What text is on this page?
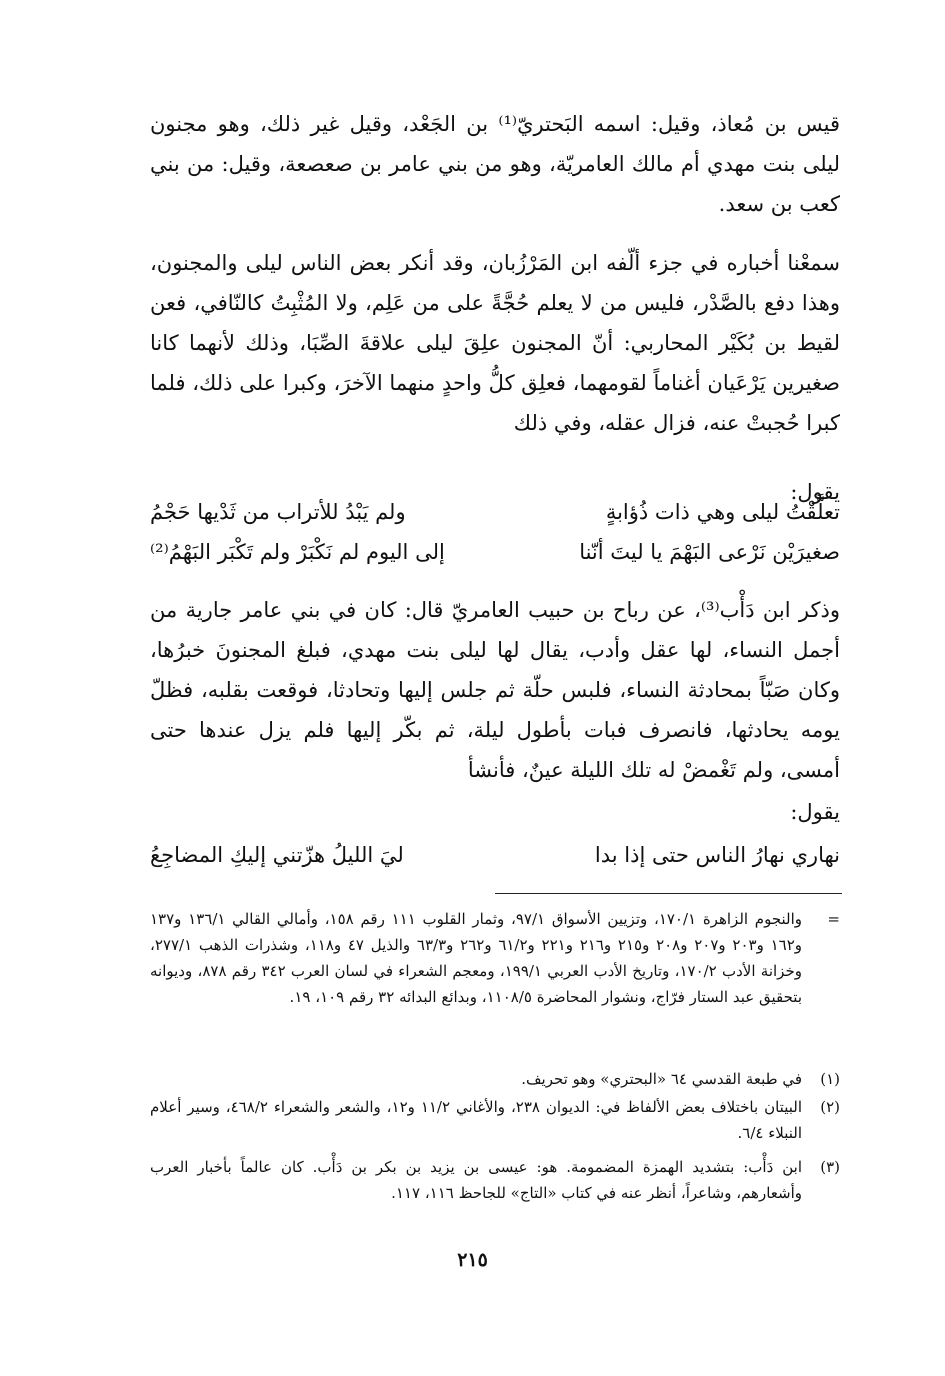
قيس بن مُعاذ، وقيل: اسمه البَحتريّ⁽¹⁾ بن الجَعْد، وقيل غير ذلك، وهو مجنون ليلى بنت مهدي أم مالك العامريّة، وهو من بني عامر بن صعصعة، وقيل: من بني كعب بن سعد.

سمعْنا أخباره في جزء ألّفه ابن المَرْزُبان، وقد أنكر بعض الناس ليلى والمجنون، وهذا دفع بالصَّدْر، فليس من لا يعلم حُجَّةً على من عَلِم، ولا المُثْبِتُ كالنّافي، فعن لقيط بن بُكَيْر المحاربي: أنّ المجنون علِقَ ليلى علاقةَ الصِّبَا، وذلك لأنهما كانا صغيرين يَرْعَيان أغناماً لقومهما، فعلِق كلُّ واحدٍ منهما الآخرَ، وكبرا على ذلك، فلما كبرا حُجبتْ عنه، فزال عقله، وفي ذلك

يقول:
تعلَّقْتُ ليلى وهي ذات ذُؤابةٍ
ولم يَبْدُ للأتراب من ثَدْيها حَجْمُ
صغيرَيْن نَرْعى البَهْمَ يا ليتَ أنّنا
إلى اليوم لم نَكْبَرْ ولم تَكْبَر البَهْمُ⁽²⁾

وذكر ابن دَأْب⁽³⁾، عن رباح بن حبيب العامريّ قال: كان في بني عامر جارية من أجمل النساء، لها عقل وأدب، يقال لها ليلى بنت مهدي، فبلغ المجنونَ خبرُها، وكان صَبّاً بمحادثة النساء، فلبس حلّة ثم جلس إليها وتحادثا، فوقعت بقلبه، فظلّ يومه يحادثها، فانصرف فبات بأطول ليلة، ثم بكّر إليها فلم يزل عندها حتى أمسى، ولم تَغْمضْ له تلك الليلة عينٌ، فأنشأ

يقول:
نهاري نهارُ الناس حتى إذا بدا
ليَ الليلُ هزّتني إليكِ المضاجِعُ
=
والنجوم الزاهرة ١٧٠/١، وتزيين الأسواق ٩٧/١، وثمار القلوب ١١١ رقم ١٥٨، وأمالي القالي ١٣٦/١ و١٣٧ و١٦٢ و٢٠٣ و٢٠٧ و٢٠٨ و٢١٥ و٢١٦ و٢٢١ و٦١/٢ و٢٦٢ و٦٣/٣ والذيل ٤٧ و١١٨، وشذرات الذهب ٢٧٧/١، وخزانة الأدب ١٧٠/٢، وتاريخ الأدب العربي ١٩٩/١، ومعجم الشعراء في لسان العرب ٣٤٢ رقم ٨٧٨، وديوانه بتحقيق عبد الستار فرّاج، ونشوار المحاضرة ١١٠٨/٥، وبدائع البدائه ٣٢ رقم ١٠٩، ١٩.
(١)
في طبعة القدسي ٦٤ «البحتري» وهو تحريف.
(٢)
البيتان باختلاف بعض الألفاظ في: الديوان ٢٣٨، والأغاني ١١/٢ و١٢، والشعر والشعراء ٤٦٨/٢، وسير أعلام النبلاء ٦/٤.
(٣)
ابن دَأْب: بتشديد الهمزة المضمومة. هو: عيسى بن يزيد بن بكر بن دَأْب. كان عالماً بأخبار العرب وأشعارهم، وشاعراً، أنظر عنه في كتاب «التاج» للجاحظ ١١٦، ١١٧.
٢١٥
